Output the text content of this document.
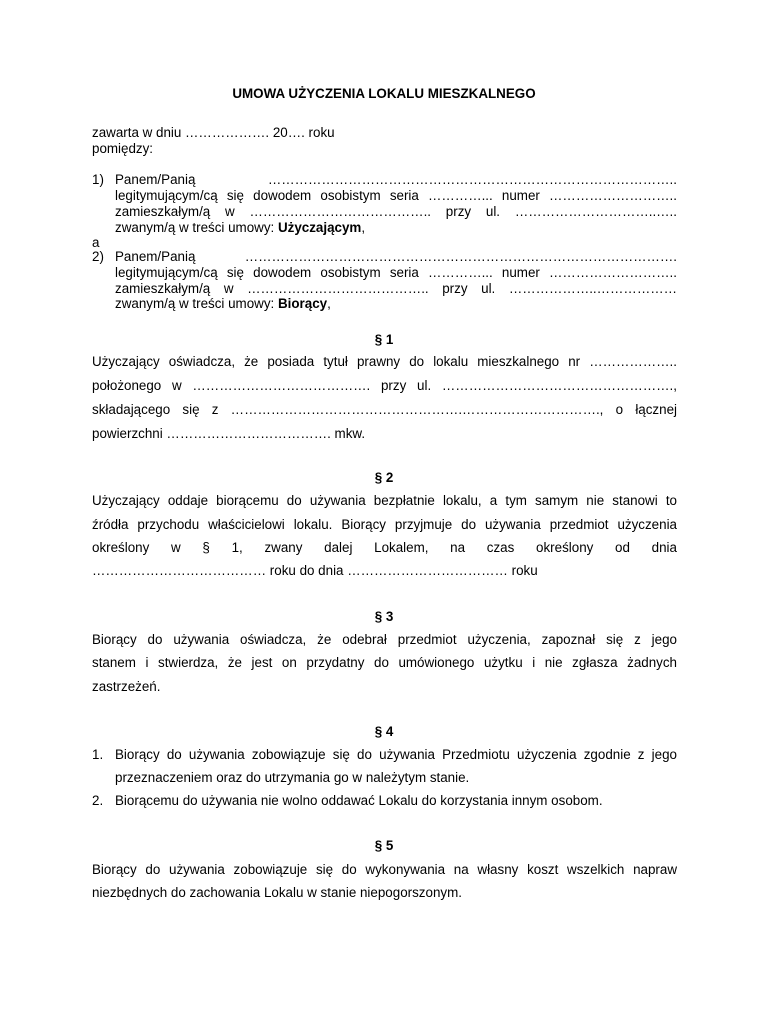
UMOWA UŻYCZENIA LOKALU MIESZKALNEGO
zawarta w dniu ………………. 20…. roku
pomiędzy:
1) Panem/Panią ………………………………………………………………………………..
legitymującym/cą się dowodem osobistym seria …………... numer ………………………..
zamieszkałym/ą w ………………………………….. przy ul. …………………………..…..
zwanym/ą w treści umowy: Użyczającym,
a
2) Panem/Panią …………………………………………………………………………………….
legitymującym/cą się dowodem osobistym seria …………... numer ………………………..
zamieszkałym/ą w ………………………………….. przy ul. ………………..………………
zwanym/ą w treści umowy: Biorący,
§ 1
Użyczający oświadcza, że posiada tytuł prawny do lokalu mieszkalnego nr ………………..
położonego w …………………………………. przy ul. …………………………………………….,
składającego się z …………………………………………….…………………………., o łącznej
powierzchni ………………………………. mkw.
§ 2
Użyczający oddaje biorącemu do używania bezpłatnie lokalu, a tym samym nie stanowi to
źródła przychodu właścicielowi lokalu. Biorący przyjmuje do używania przedmiot użyczenia
określony w § 1, zwany dalej Lokalem, na czas określony od dnia
………………………………… roku do dnia ……………………………… roku
§ 3
Biorący do używania oświadcza, że odebrał przedmiot użyczenia, zapoznał się z jego
stanem i stwierdza, że jest on przydatny do umówionego użytku i nie zgłasza żadnych
zastrzeżeń.
§ 4
1. Biorący do używania zobowiązuje się do używania Przedmiotu użyczenia zgodnie z jego
przeznaczeniem oraz do utrzymania go w należytym stanie.
2. Biorącemu do używania nie wolno oddawać Lokalu do korzystania innym osobom.
§ 5
Biorący do używania zobowiązuje się do wykonywania na własny koszt wszelkich napraw
niezbędnych do zachowania Lokalu w stanie niepogorszonym.
